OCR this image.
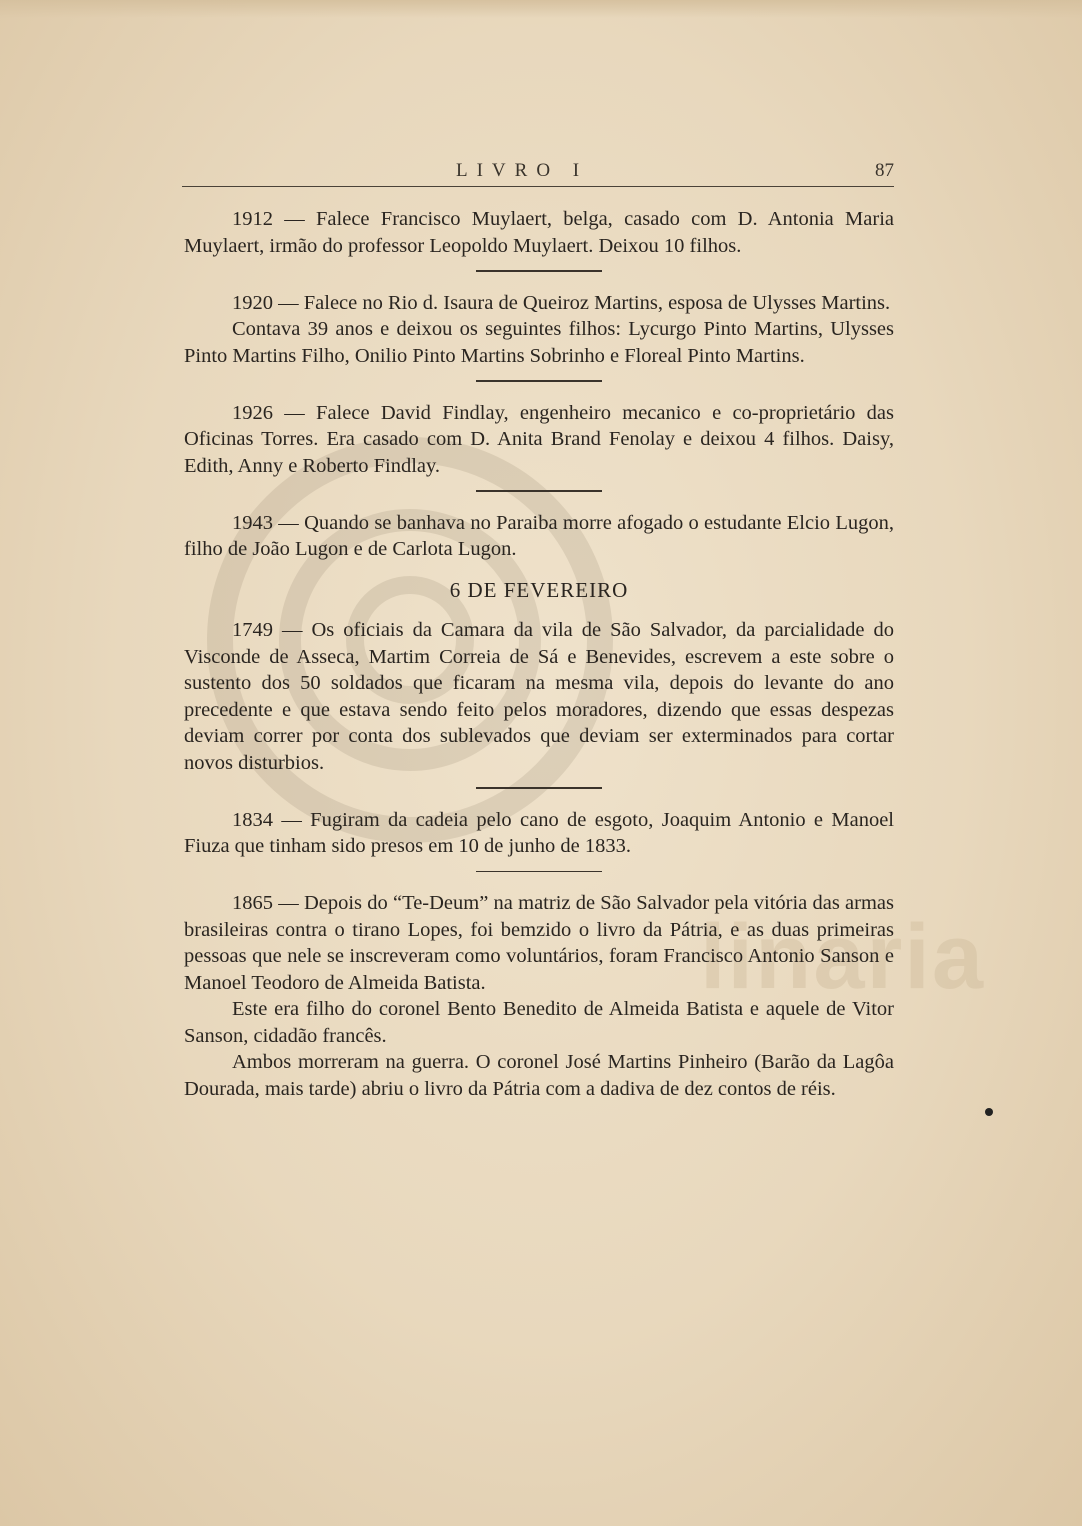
linaria
LIVRO I	87

1912 — Falece Francisco Muylaert, belga, casado com D. Antonia Maria Muylaert, irmão do professor Leopoldo Muylaert. Deixou 10 filhos.

1920 — Falece no Rio d. Isaura de Queiroz Martins, esposa de Ulysses Martins.

Contava 39 anos e deixou os seguintes filhos: Lycurgo Pinto Martins, Ulysses Pinto Martins Filho, Onilio Pinto Martins Sobrinho e Floreal Pinto Martins.

1926 — Falece David Findlay, engenheiro mecanico e co-proprietário das Oficinas Torres. Era casado com D. Anita Brand Fenolay e deixou 4 filhos. Daisy, Edith, Anny e Roberto Findlay.

1943 — Quando se banhava no Paraiba morre afogado o estudante Elcio Lugon, filho de João Lugon e de Carlota Lugon.

6 DE FEVEREIRO

1749 — Os oficiais da Camara da vila de São Salvador, da parcialidade do Visconde de Asseca, Martim Correia de Sá e Benevides, escrevem a este sobre o sustento dos 50 soldados que ficaram na mesma vila, depois do levante do ano precedente e que estava sendo feito pelos moradores, dizendo que essas despezas deviam correr por conta dos sublevados que deviam ser exterminados para cortar novos disturbios.

1834 — Fugiram da cadeia pelo cano de esgoto, Joaquim Antonio e Manoel Fiuza que tinham sido presos em 10 de junho de 1833.

1865 — Depois do “Te-Deum” na matriz de São Salvador pela vitória das armas brasileiras contra o tirano Lopes, foi bemzido o livro da Pátria, e as duas primeiras pessoas que nele se inscreveram como voluntários, foram Francisco Antonio Sanson e Manoel Teodoro de Almeida Batista.

Este era filho do coronel Bento Benedito de Almeida Batista e aquele de Vitor Sanson, cidadão francês.

Ambos morreram na guerra. O coronel José Martins Pinheiro (Barão da Lagôa Dourada, mais tarde) abriu o livro da Pátria com a dadiva de dez contos de réis.
